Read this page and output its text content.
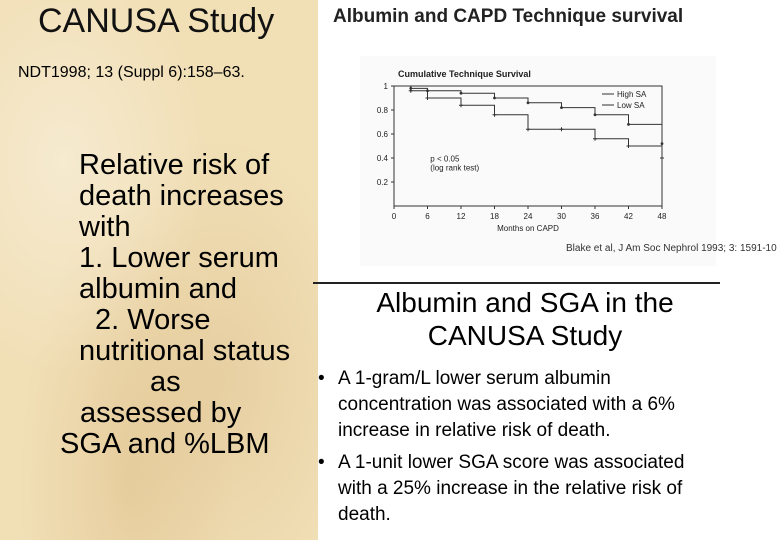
CANUSA Study
NDT1998; 13 (Suppl 6):158–63.
Relative risk of
death increases
with
1. Lower serum
albumin and
2. Worse
nutritional status
as
assessed by
SGA and %LBM
Albumin and CAPD Technique survival
Cumulative Technique Survival
1
0.8
0.6
0.4
0.2
0	6	12	18	24	30	36	42	48
Months on CAPD
High SA
Low SA
p < 0.05
(log rank test)
Blake et al, J Am Soc Nephrol 1993; 3: 1591-10
Albumin and SGA in the
CANUSA Study
• A 1-gram/L lower serum albumin
concentration was associated with a 6%
increase in relative risk of death.
• A 1-unit lower SGA score was associated
with a 25% increase in the relative risk of
death.
